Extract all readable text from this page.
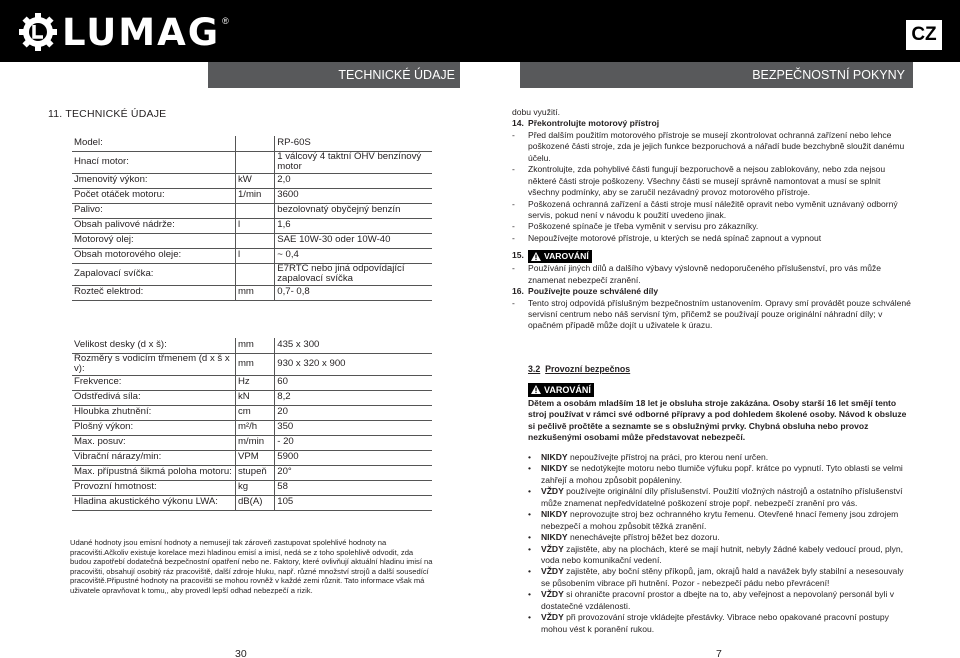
LUMAG ®
CZ
TECHNICKÉ ÚDAJE	BEZPEČNOSTNÍ POKYNY
11. TECHNICKÉ ÚDAJE
Model:		RP-60S
Hnací motor:		1 válcový 4 taktní OHV benzínový motor
Jmenovitý výkon:	kW	2,0
Počet otáček motoru:	1/min	3600
Palivo:		bezolovnatý obyčejný benzín
Obsah palivové nádrže:	l	1,6
Motorový olej:		SAE 10W-30 oder 10W-40
Obsah motorového oleje:	l	~ 0,4
Zapalovací svíčka:		E7RTC nebo jiná odpovídající zapalovací svíčka
Rozteč elektrod:	mm	0,7- 0,8
Velikost desky (d x š):	mm	435 x 300
Rozměry s vodicím třmenem (d x š x v):	mm	930 x 320 x 900
Frekvence:	Hz	60
Odstředivá síla:	kN	8,2
Hloubka zhutnění:	cm	20
Plošný výkon:	m²/h	350
Max. posuv:	m/min	- 20
Vibrační nárazy/min:	VPM	5900
Max. přípustná šikmá poloha motoru:	stupeň	20°
Provozní hmotnost:	kg	58
Hladina akustického výkonu LWA:	dB(A)	105
Udané hodnoty jsou emisní hodnoty a nemusejí tak zároveň zastupovat spolehlivé hodnoty na pracovišti.Ačkoliv existuje korelace mezi hladinou emisí a imisí, nedá se z toho spolehlivě odvodit, zda budou zapotřebí dodatečná bezpečnostní opatření nebo ne. Faktory, které ovlivňují aktuální hladinu imisí na pracovišti, obsahují osobitý ráz pracoviště, další zdroje hluku, např. různé množství strojů a další sousedící pracoviště.Připustné hodnoty na pracovišti se mohou rovněž v každé zemi různit. Tato informace však má uživatele opravňovat k tomu,, aby provedl lepší odhad nebezpečí a rizik.
30	7

dobu využití.

14. Překontrolujte motorový přístroj

- Před dalším použitím motorového přístroje se musejí zkontrolovat ochranná zařízení nebo lehce poškozené části stroje, zda je jejich funkce bezporuchová a nářadí bude bezchybně sloužit danému účelu.
- Zkontrolujte, zda pohyblivé části fungují bezporuchově a nejsou zablokovány, nebo zda nejsou některé části stroje poškozeny. Všechny části se musejí správně namontovat a musí se splnit všechny podmínky, aby se zaručil nezávadný provoz motorového přístroje.
- Poškozená ochranná zařízení a části stroje musí náležitě opravit nebo vyměnit uznávaný odborný servis, pokud není v návodu k použití uvedeno jinak.
- Poškozené spínače je třeba vyměnit v servisu pro zákazníky.
- Nepoužívejte motorové přístroje, u kterých se nedá spínač zapnout a vypnout
15.	VAROVÁNÍ
- Používání jiných dílů a dalšího výbavy výslovně nedoporučeného příslušenství, pro vás může znamenat nebezpečí zranění.
16. Používejte pouze schválené díly

- Tento stroj odpovídá příslušným bezpečnostním ustanovením. Opravy smí provádět pouze schválené servisní centrum nebo náš servisní tým, přičemž se používají pouze originální náhradní díly; v opačném případě může dojít u uživatele k úrazu.
3.2 Provozní bezpečnos
VAROVÁNÍ
Dětem a osobám mladším 18 let je obsluha stroje zakázána. Osoby starší 16 let smějí tento stroj používat v rámci své odborné přípravy a pod dohledem školené osoby. Návod k obsluze si pečlivě pročtěte a seznamte se s obslužnými prvky. Chybná obsluha nebo provoz nezkušenými osobami může představovat nebezpečí.
• NIKDY nepoužívejte přístroj na práci, pro kterou není určen.
• NIKDY se nedotýkejte motoru nebo tlumiče výfuku popř. krátce po vypnutí. Tyto oblasti se velmi zahřejí a mohou způsobit popáleniny.
• VŽDY používejte originální díly příslušenství. Použití vložných nástrojů a ostatního příslušenství může znamenat nepředvídatelné poškození stroje popř. nebezpečí zranění pro vás.
• NIKDY neprovozujte stroj bez ochranného krytu řemenu. Otevřené hnací řemeny jsou zdrojem nebezpečí a mohou způsobit těžká zranění.
• NIKDY nenechávejte přístroj běžet bez dozoru.
• VŽDY zajistěte, aby na plochách, které se mají hutnit, nebyly žádné kabely vedoucí proud, plyn, voda nebo komunikační vedení.
• VŽDY zajistěte, aby boční stěny příkopů, jam, okrajů hald a navážek byly stabilní a nesesouvaly se působením vibrace při hutnění. Pozor - nebezpečí pádu nebo převrácení!
• VŽDY si ohraničte pracovní prostor a dbejte na to, aby veřejnost a nepovolaný personál byli v dostatečné vzdálenosti.
• VŽDY při provozování stroje vkládejte přestávky. Vibrace nebo opakované pracovní postupy mohou vést k poranění rukou.
